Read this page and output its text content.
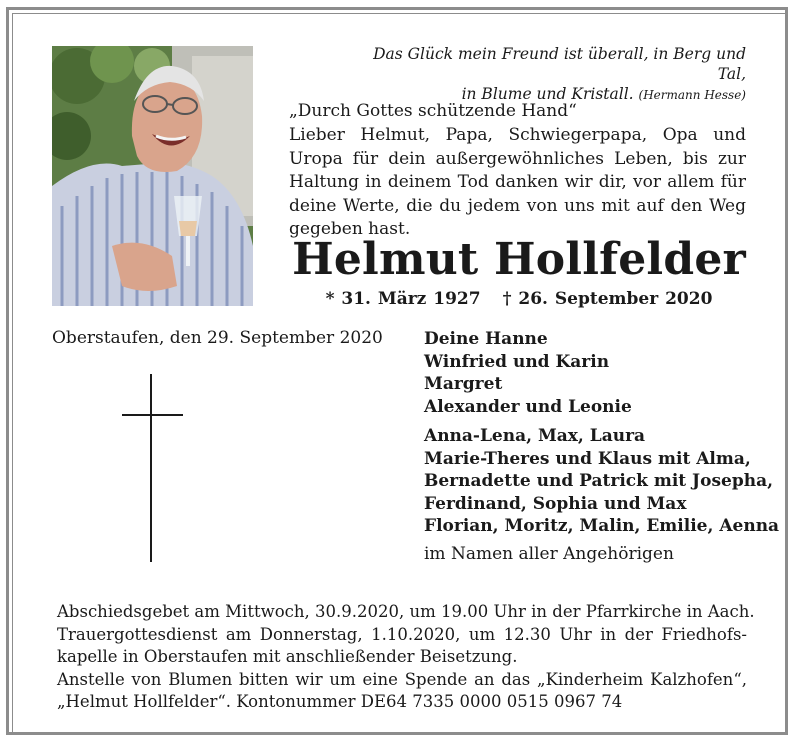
Das Glück mein Freund ist überall, in Berg und Tal,
in Blume und Kristall. (Hermann Hesse)
„Durch Gottes schützende Hand“
Lieber Helmut, Papa, Schwiegerpapa, Opa und Uropa für dein außergewöhnliches Leben, bis zur Haltung in deinem Tod danken wir dir, vor allem für deine Werte, die du jedem von uns mit auf den Weg gegeben hast.
Helmut Hollfelder
* 31. März 1927 † 26. September 2020
Oberstaufen, den 29. September 2020 Deine Hanne
Winfried und Karin
Margret
Alexander und Leonie
Anna-Lena, Max, Laura
Marie-Theres und Klaus mit Alma,
Bernadette und Patrick mit Josepha,
Ferdinand, Sophia und Max
Florian, Moritz, Malin, Emilie, Aenna
im Namen aller Angehörigen
Abschiedsgebet am Mittwoch, 30.9.2020, um 19.00 Uhr in der Pfarrkirche in Aach.
Trauergottesdienst am Donnerstag, 1.10.2020, um 12.30 Uhr in der Friedhofs-
kapelle in Oberstaufen mit anschließender Beisetzung.
Anstelle von Blumen bitten wir um eine Spende an das „Kinderheim Kalzhofen“,
„Helmut Hollfelder“. Kontonummer DE64 7335 0000 0515 0967 74
